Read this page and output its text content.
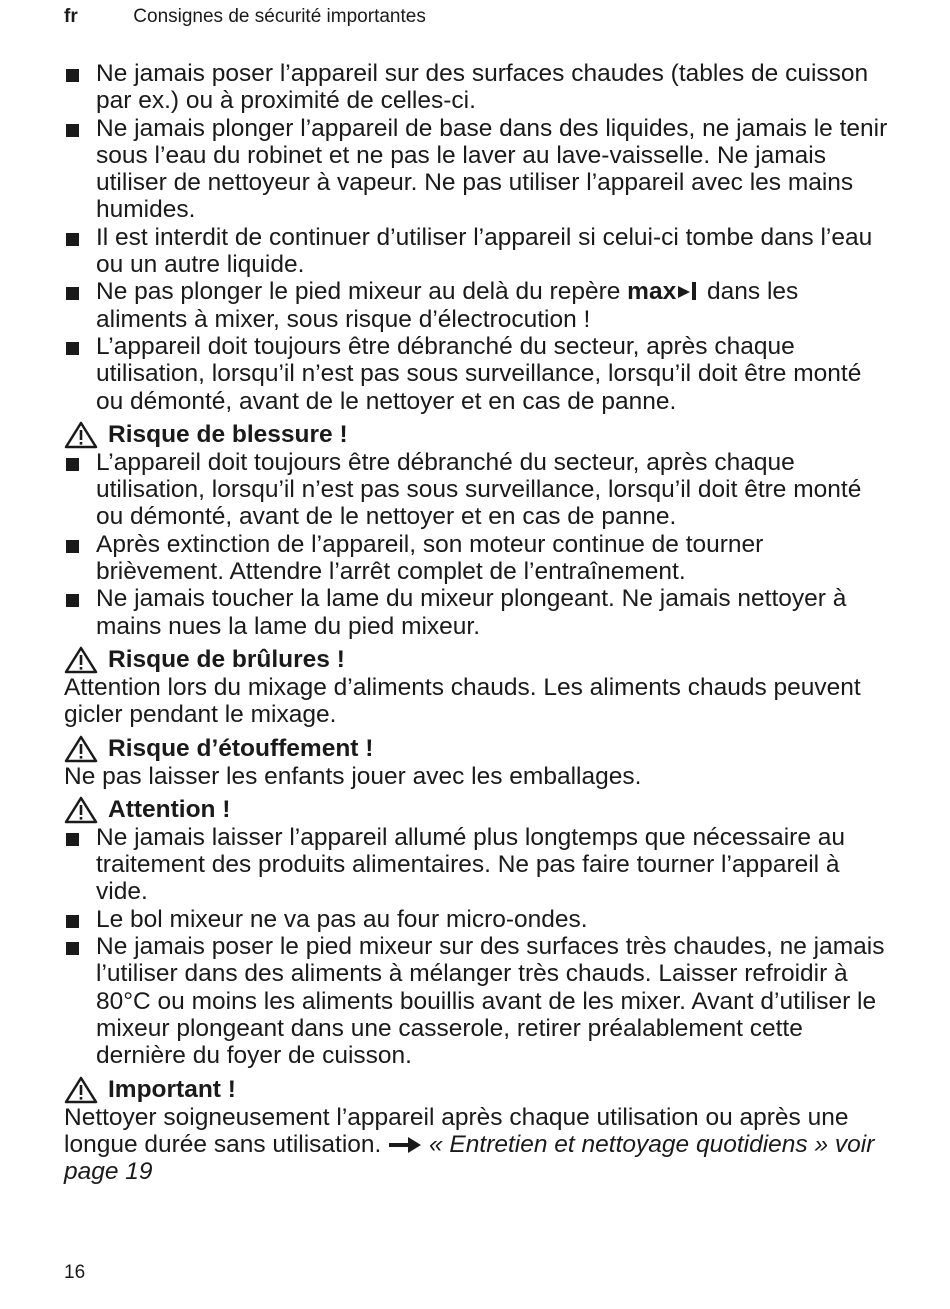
fr	Consignes de sécurité importantes
Ne jamais poser l’appareil sur des surfaces chaudes (tables de cuisson par ex.) ou à proximité de celles-ci.
Ne jamais plonger l’appareil de base dans des liquides, ne jamais le tenir sous l’eau du robinet et ne pas le laver au lave-vaisselle. Ne jamais utiliser de nettoyeur à vapeur. Ne pas utiliser l’appareil avec les mains humides.
Il est interdit de continuer d’utiliser l’appareil si celui-ci tombe dans l’eau ou un autre liquide.
Ne pas plonger le pied mixeur au delà du repère max dans les aliments à mixer, sous risque d’électrocution !
L’appareil doit toujours être débranché du secteur, après chaque utilisation, lorsqu’il n’est pas sous surveillance, lorsqu’il doit être monté ou démonté, avant de le nettoyer et en cas de panne.
Risque de blessure !
L’appareil doit toujours être débranché du secteur, après chaque utilisation, lorsqu’il n’est pas sous surveillance, lorsqu’il doit être monté ou démonté, avant de le nettoyer et en cas de panne.
Après extinction de l’appareil, son moteur continue de tourner brièvement. Attendre l’arrêt complet de l’entraînement.
Ne jamais toucher la lame du mixeur plongeant. Ne jamais nettoyer à mains nues la lame du pied mixeur.
Risque de brûlures !

Attention lors du mixage d’aliments chauds. Les aliments chauds peuvent gicler pendant le mixage.

Risque d’étouffement !

Ne pas laisser les enfants jouer avec les emballages.

Attention !
Ne jamais laisser l’appareil allumé plus longtemps que nécessaire au traitement des produits alimentaires. Ne pas faire tourner l’appareil à vide.
Le bol mixeur ne va pas au four micro-ondes.
Ne jamais poser le pied mixeur sur des surfaces très chaudes, ne jamais l’utiliser dans des aliments à mélanger très chauds. Laisser refroidir à 80°C ou moins les aliments bouillis avant de les mixer. Avant d’utiliser le mixeur plongeant dans une casserole, retirer préalablement cette dernière du foyer de cuisson.
Important !

Nettoyer soigneusement l’appareil après chaque utilisation ou après une longue durée sans utilisation.  « Entretien et nettoyage quotidiens » voir page 19

16
